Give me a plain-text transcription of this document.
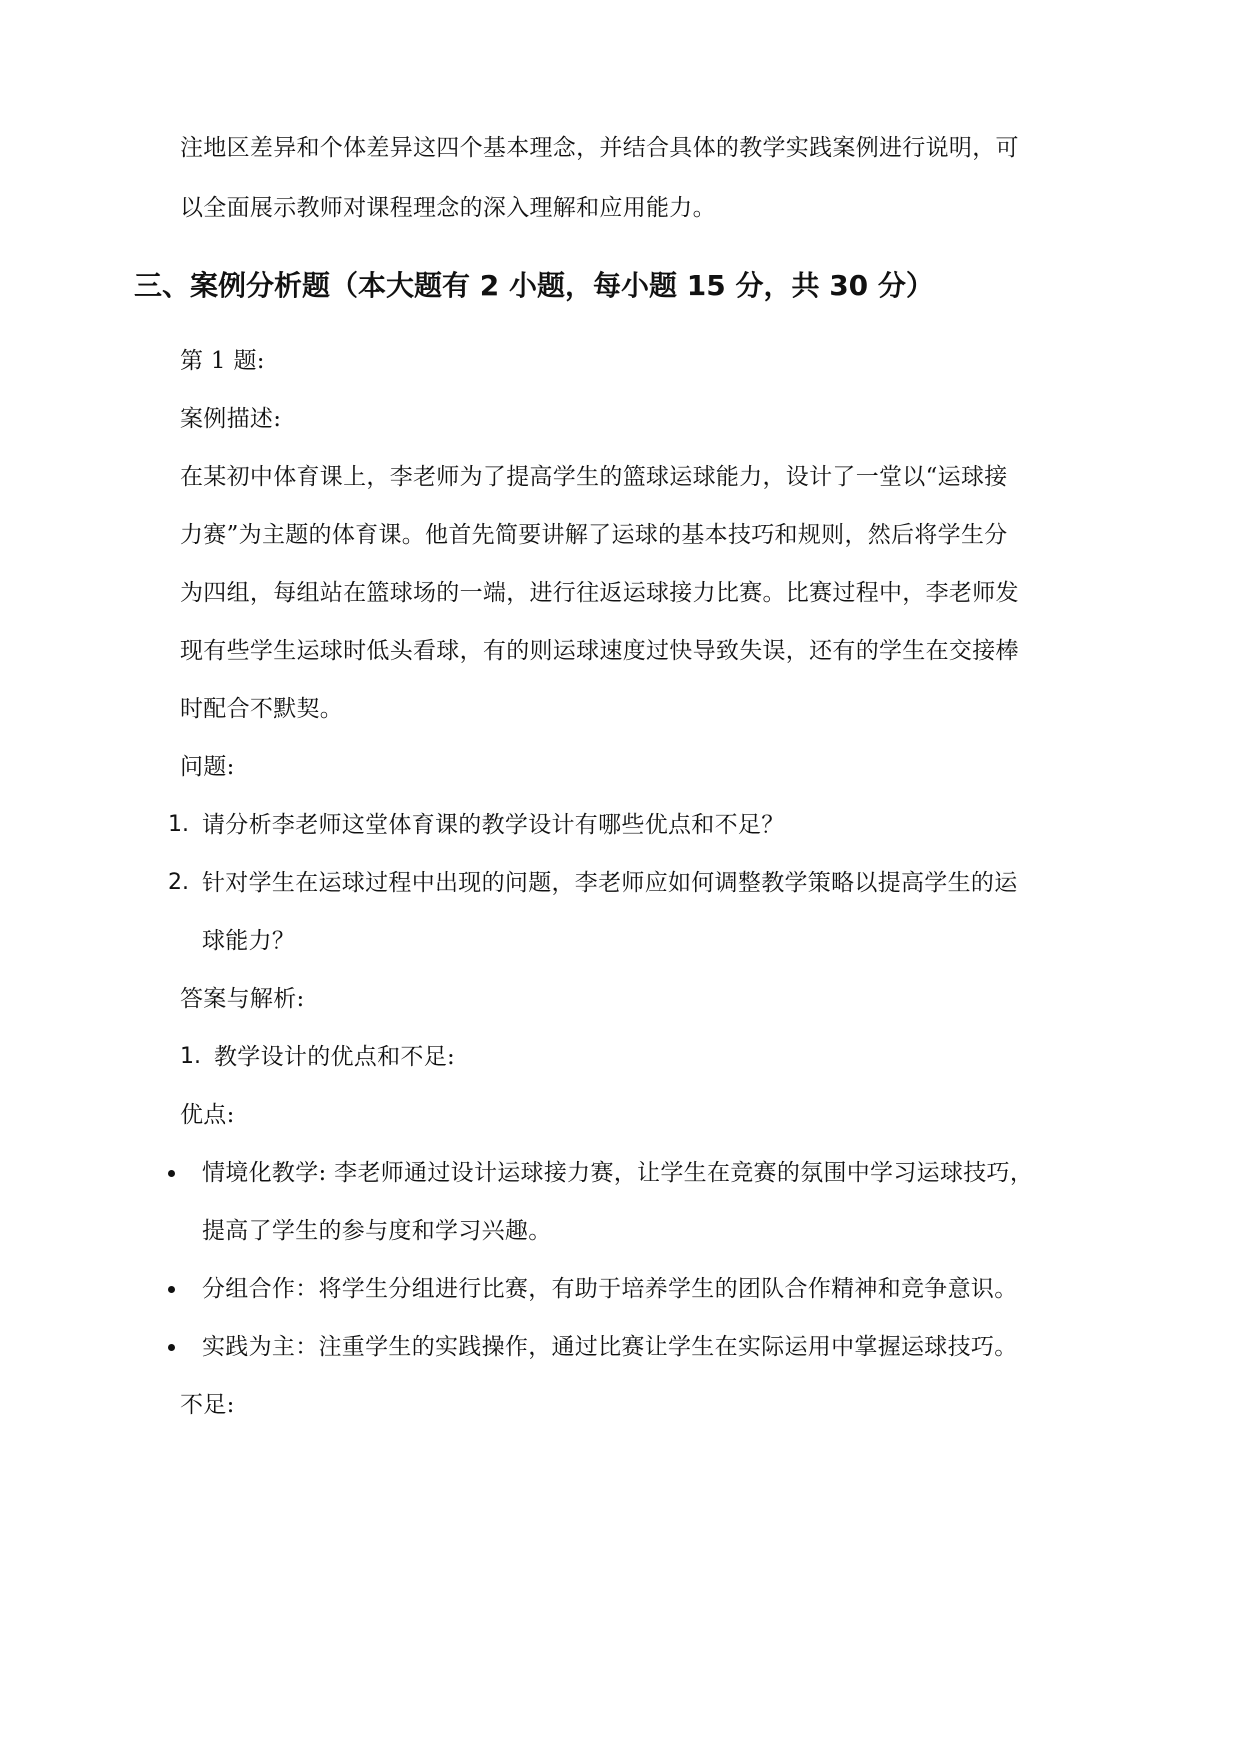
注地区差异和个体差异这四个基本理念，并结合具体的教学实践案例进行说明，可
以全面展示教师对课程理念的深入理解和应用能力。
三、案例分析题（本大题有 2 小题，每小题 15 分，共 30 分）
第 1 题:
案例描述:
在某初中体育课上，李老师为了提高学生的篮球运球能力，设计了一堂以“运球接
力赛”为主题的体育课。他首先简要讲解了运球的基本技巧和规则，然后将学生分
为四组，每组站在篮球场的一端，进行往返运球接力比赛。比赛过程中，李老师发
现有些学生运球时低头看球，有的则运球速度过快导致失误，还有的学生在交接棒
时配合不默契。
问题:
1. 请分析李老师这堂体育课的教学设计有哪些优点和不足？
2. 针对学生在运球过程中出现的问题，李老师应如何调整教学策略以提高学生的运
球能力？
答案与解析:
1. 教学设计的优点和不足:
优点:
情境化教学: 李老师通过设计运球接力赛，让学生在竞赛的氛围中学习运球技巧，
提高了学生的参与度和学习兴趣。
分组合作：将学生分组进行比赛，有助于培养学生的团队合作精神和竞争意识。
实践为主：注重学生的实践操作，通过比赛让学生在实际运用中掌握运球技巧。
不足:
